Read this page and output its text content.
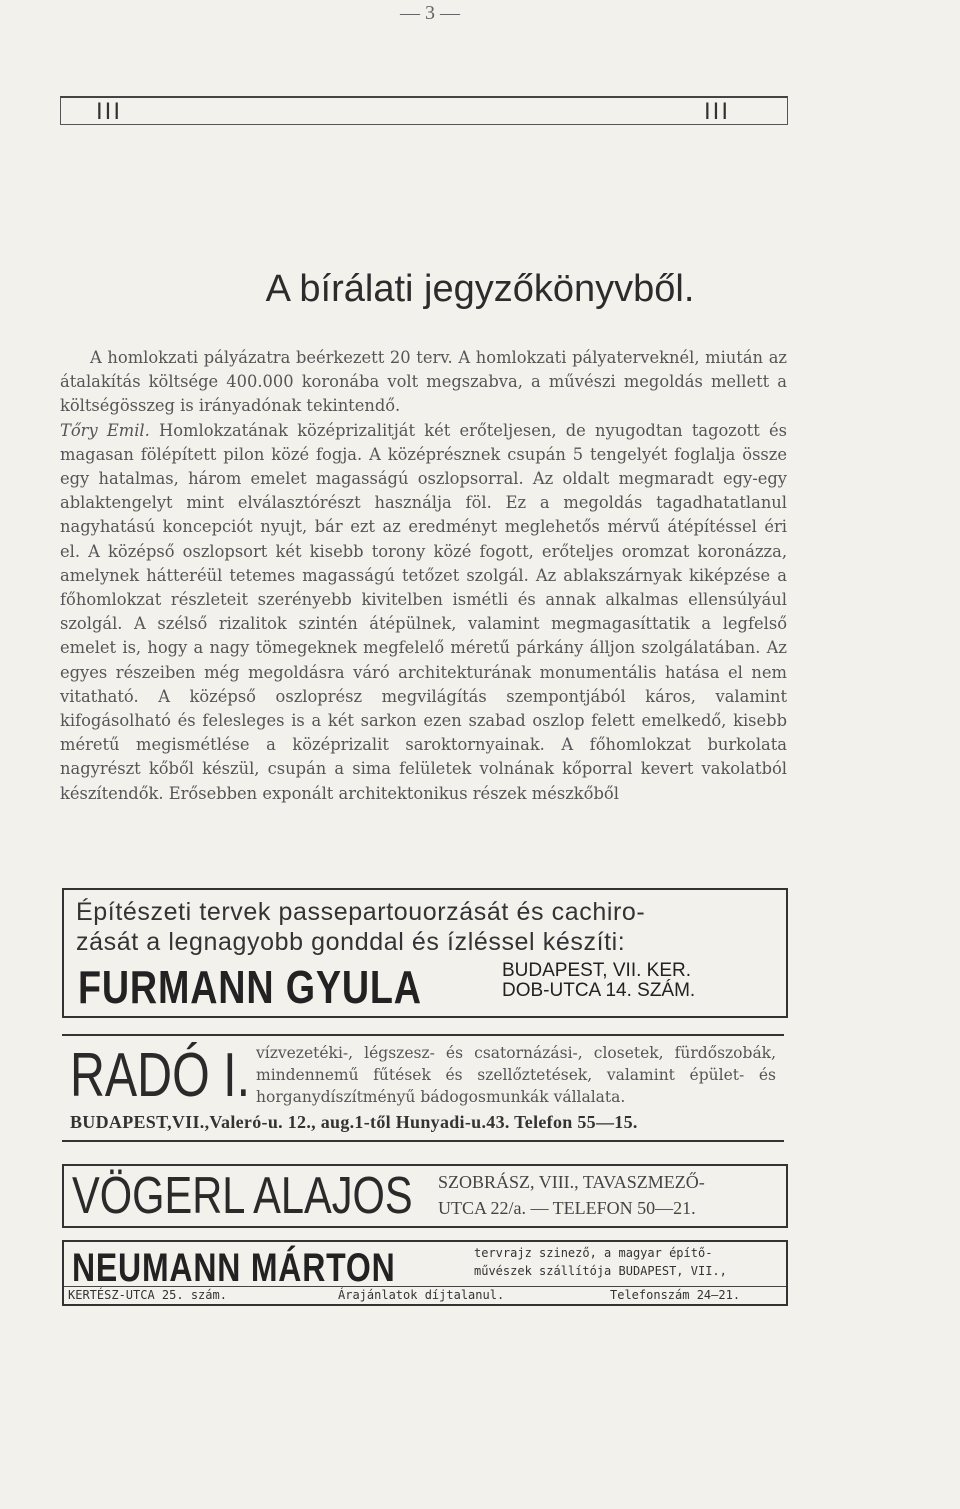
— 3 —
III	III
A bírálati jegyzőkönyvből.
A homlokzati pályázatra beérkezett 20 terv. A homlokzati pályaterveknél, miután az átalakítás költsége 400.000 koronába volt megszabva, a művészi megoldás mellett a költségösszeg is irányadónak tekintendő.
Tőry Emil. Homlokzatának középrizalitját két erőteljesen, de nyugodtan tagozott és magasan fölépített pilon közé fogja. A középrésznek csupán 5 tengelyét foglalja össze egy hatalmas, három emelet magasságú oszlopsorral. Az oldalt megmaradt egy-egy ablaktengelyt mint elválasztórészt használja föl. Ez a megoldás tagadhatatlanul nagyhatású koncepciót nyujt, bár ezt az eredményt meglehetős mérvű átépítéssel éri el. A középső oszlopsort két kisebb torony közé fogott, erőteljes oromzat koronázza, amelynek hátteréül tetemes magasságú tetőzet szolgál. Az ablakszárnyak kiképzése a főhomlokzat részleteit szerényebb kivitelben ismétli és annak alkalmas ellensúlyául szolgál. A szélső rizalitok szintén átépülnek, valamint megmagasíttatik a legfelső emelet is, hogy a nagy tömegeknek megfelelő méretű párkány álljon szolgálatában. Az egyes részeiben még megoldásra váró architekturának monumentális hatása el nem vitatható. A középső oszloprész megvilágítás szempontjából káros, valamint kifogásolható és felesleges is a két sarkon ezen szabad oszlop felett emelkedő, kisebb méretű megismétlése a középrizalit saroktornyainak. A főhomlokzat burkolata nagyrészt kőből készül, csupán a sima felületek volnának kőporral kevert vakolatból készítendők. Erősebben exponált architektonikus részek mészkőből
Építészeti tervek passepartouorzását és cachiro-
zását a legnagyobb gonddal és ízléssel készíti:
FURMANN GYULA	BUDAPEST, VII. KER.
DOB-UTCA 14. SZÁM.
RADÓ I. vízvezetéki-, légszesz- és csatornázási-, closetek, fürdőszobák, mindennemű fűtések és szellőztetések, valamint épület- és horganydíszítményű bádogosmunkák vállalata.
BUDAPEST,VII.,Valeró-u. 12., aug.1-től Hunyadi-u.43. Telefon 55—15.
VÖGERL ALAJOS SZOBRÁSZ, VIII., TAVASZMEZŐ-
UTCA 22/a. — TELEFON 50—21.
NEUMANN MÁRTON	tervrajz szinező, a magyar építő-
művészek szállítója BUDAPEST, VII.,
KERTÉSZ-UTCA 25. szám.	Árajánlatok díjtalanul.	Telefonszám 24—21.
